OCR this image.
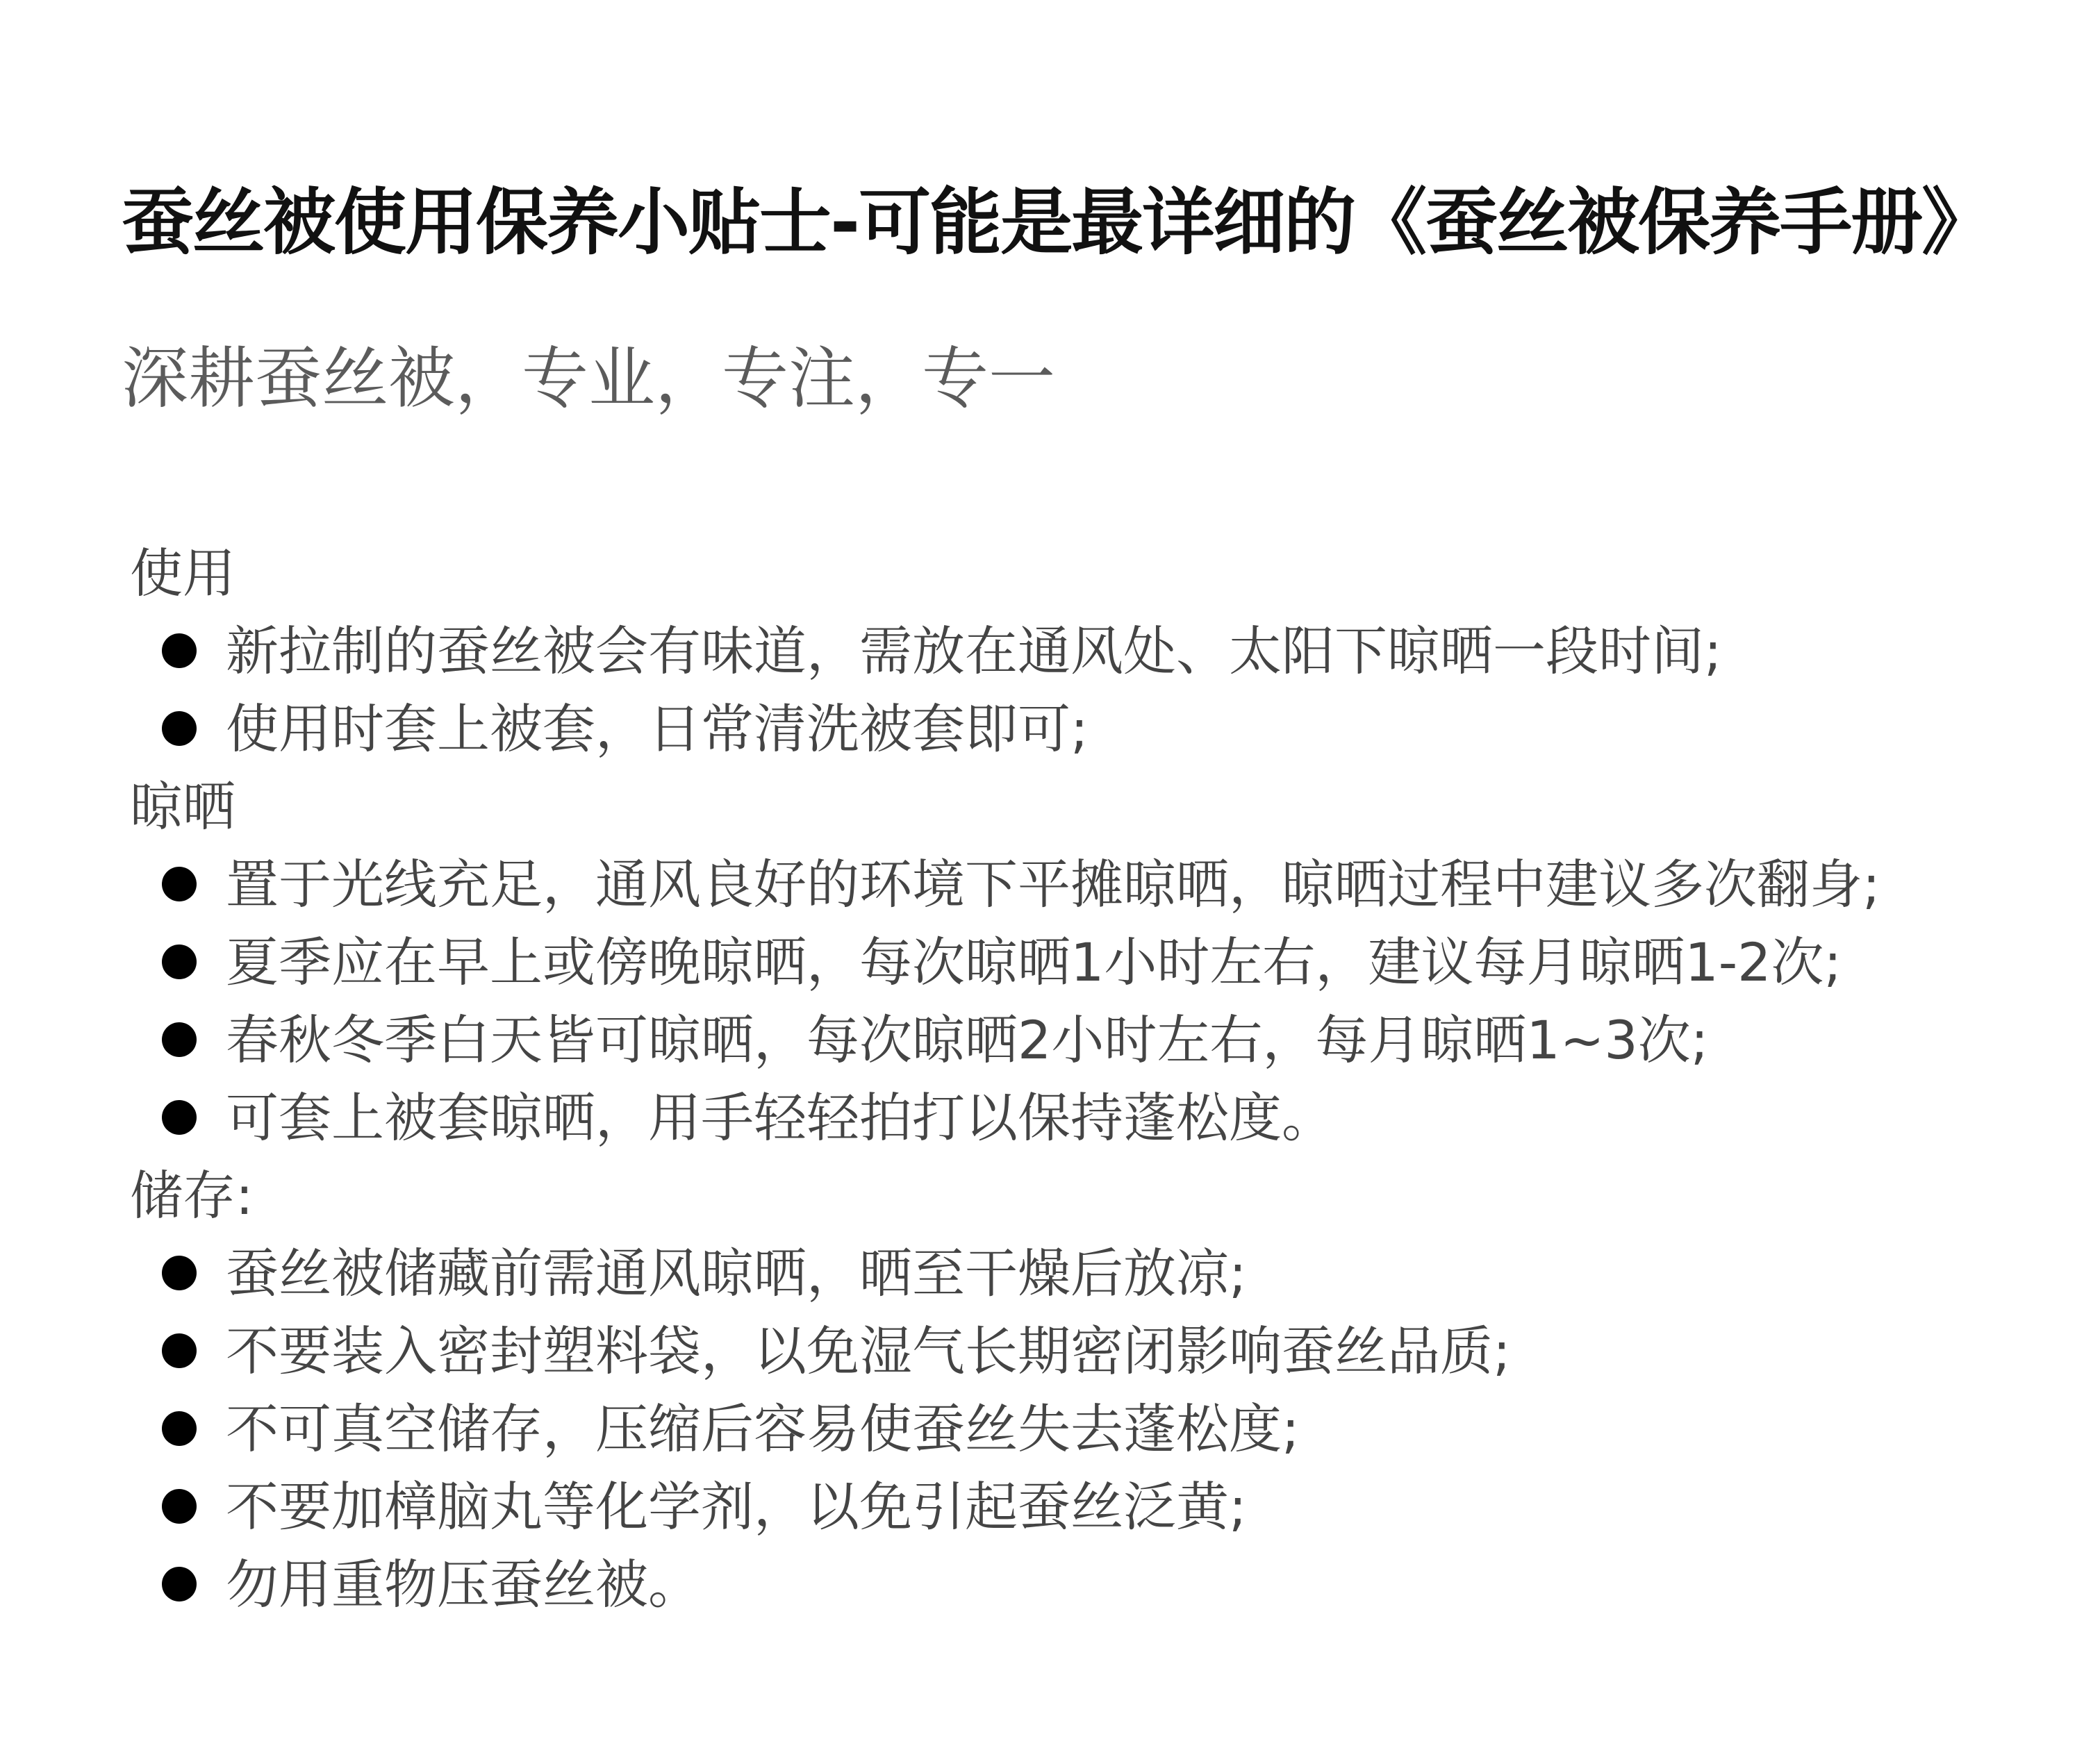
蚕丝被使用保养小贴士-可能是最详细的《蚕丝被保养手册》
深耕蚕丝被，专业，专注，专一
使用
新拉制的蚕丝被会有味道，需放在通风处、太阳下晾晒一段时间;
使用时套上被套，日常清洗被套即可;
晾晒
置于光线充足，通风良好的环境下平摊晾晒，晾晒过程中建议多次翻身;
夏季应在早上或傍晚晾晒，每次晾晒1小时左右，建议每月晾晒1-2次;
春秋冬季白天皆可晾晒，每次晾晒2小时左右，每月晾晒1~3次;
可套上被套晾晒，用手轻轻拍打以保持蓬松度。
储存:
蚕丝被储藏前需通风晾晒，晒至干燥后放凉;
不要装入密封塑料袋，以免湿气长期密闭影响蚕丝品质;
不可真空储存，压缩后容易使蚕丝失去蓬松度;
不要加樟脑丸等化学剂，以免引起蚕丝泛黄;
勿用重物压蚕丝被。
